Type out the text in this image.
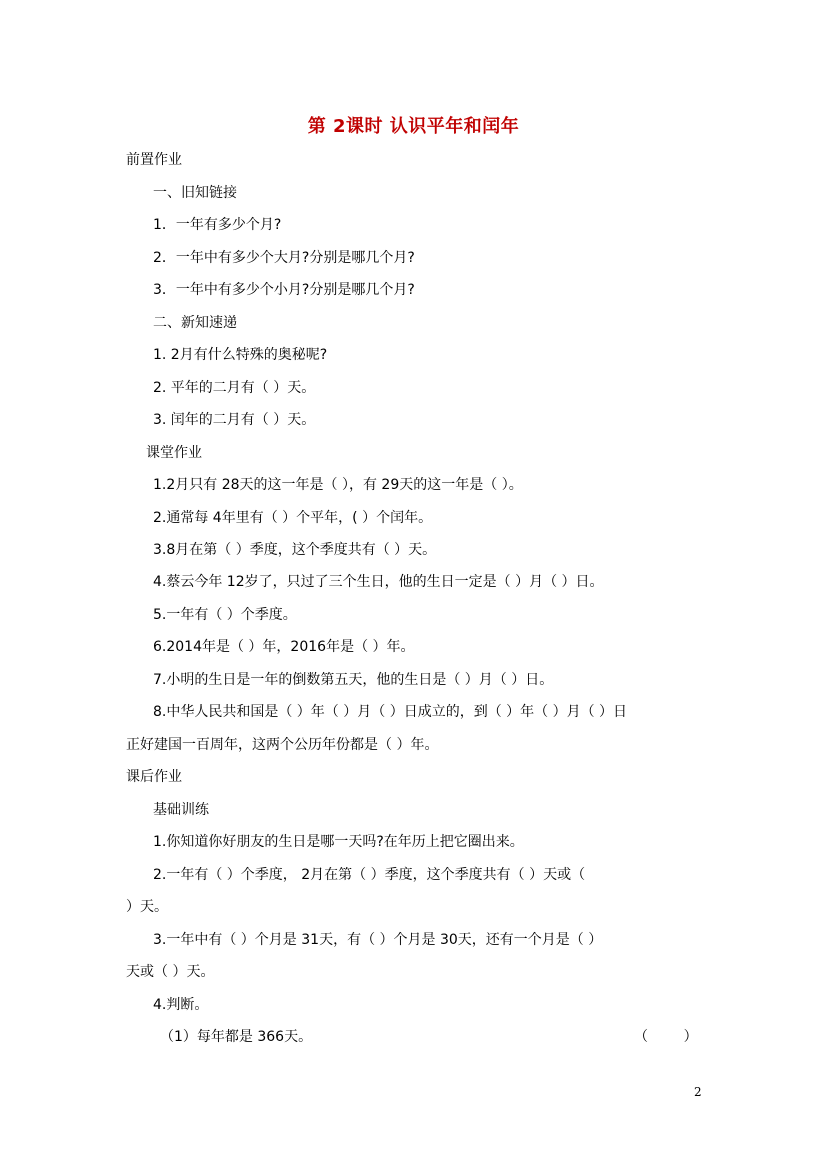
第 2课时 认识平年和闰年
前置作业
一、旧知链接
1．一年有多少个月?
2．一年中有多少个大月?分别是哪几个月?
3．一年中有多少个小月?分别是哪几个月?
二、新知速递
1. 2月有什么特殊的奥秘呢?
2. 平年的二月有（ ）天。
3. 闰年的二月有（ ）天。
课堂作业
1.2月只有 28天的这一年是（ ），有 29天的这一年是（ ）。
2.通常每 4年里有（ ）个平年，( ）个闰年。
3.8月在第（ ）季度，这个季度共有（ ）天。
4.蔡云今年 12岁了，只过了三个生日，他的生日一定是（ ）月（ ）日。
5.一年有（ ）个季度。
6.2014年是（ ）年，2016年是（ ）年。
7.小明的生日是一年的倒数第五天，他的生日是（ ）月（ ）日。
8.中华人民共和国是（ ）年（ ）月（ ）日成立的，到（ ）年（ ）月（ ）日
正好建国一百周年，这两个公历年份都是（ ）年。
课后作业
基础训练
1.你知道你好朋友的生日是哪一天吗?在年历上把它圈出来。
2.一年有（ ）个季度， 2月在第（ ）季度，这个季度共有（ ）天或（
）天。
3.一年中有（ ）个月是 31天，有（ ）个月是 30天，还有一个月是（ ）
天或（ ）天。
4.判断。
（1）每年都是 366天。	（        ）
2
